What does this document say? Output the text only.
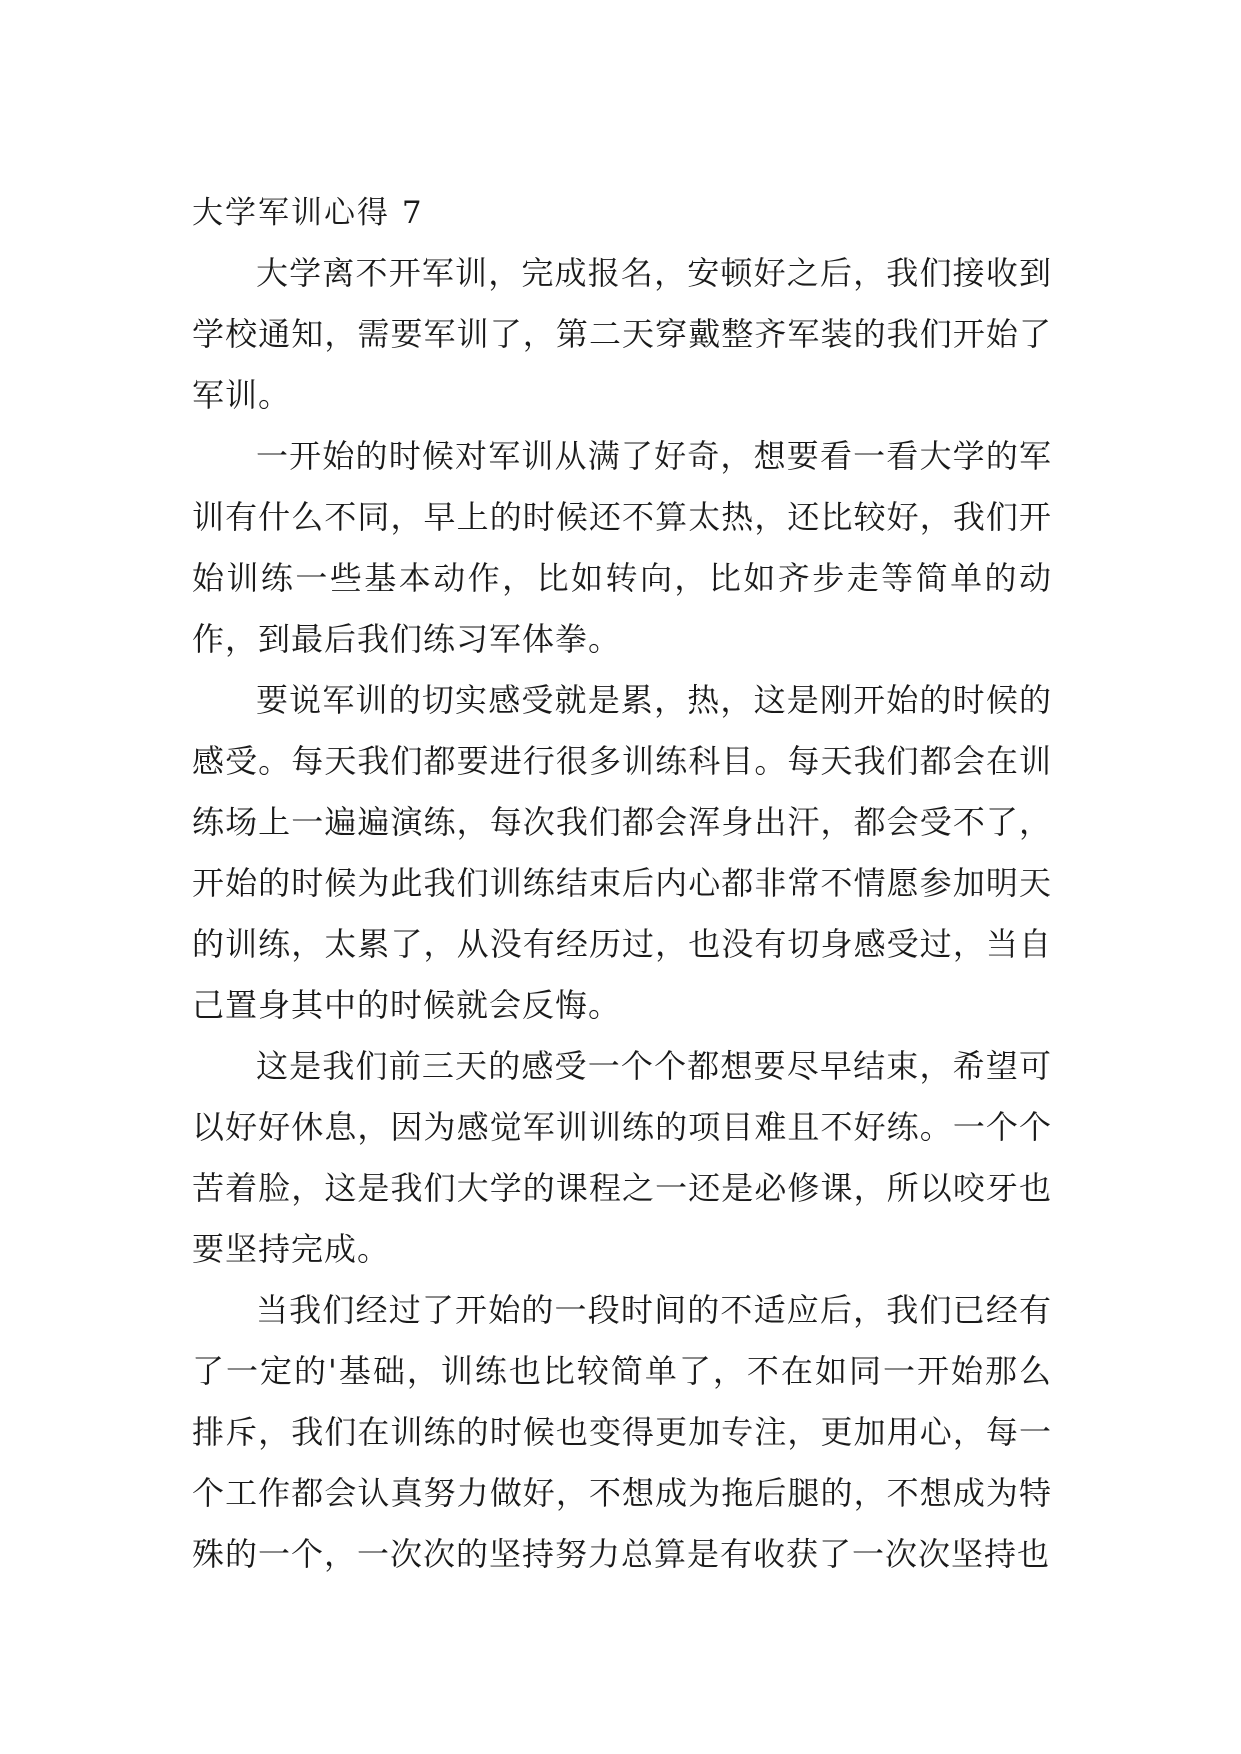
大学军训心得 7

大学离不开军训，完成报名，安顿好之后，我们接收到学校通知，需要军训了，第二天穿戴整齐军装的我们开始了军训。

一开始的时候对军训从满了好奇，想要看一看大学的军训有什么不同，早上的时候还不算太热，还比较好，我们开始训练一些基本动作，比如转向，比如齐步走等简单的动作，到最后我们练习军体拳。

要说军训的切实感受就是累，热，这是刚开始的时候的感受。每天我们都要进行很多训练科目。每天我们都会在训练场上一遍遍演练，每次我们都会浑身出汗，都会受不了，开始的时候为此我们训练结束后内心都非常不情愿参加明天的训练，太累了，从没有经历过，也没有切身感受过，当自己置身其中的时候就会反悔。

这是我们前三天的感受一个个都想要尽早结束，希望可以好好休息，因为感觉军训训练的项目难且不好练。一个个苦着脸，这是我们大学的课程之一还是必修课，所以咬牙也要坚持完成。

当我们经过了开始的一段时间的不适应后，我们已经有了一定的'基础，训练也比较简单了，不在如同一开始那么排斥，我们在训练的时候也变得更加专注，更加用心，每一个工作都会认真努力做好，不想成为拖后腿的，不想成为特殊的一个，一次次的坚持努力总算是有收获了一次次坚持也
